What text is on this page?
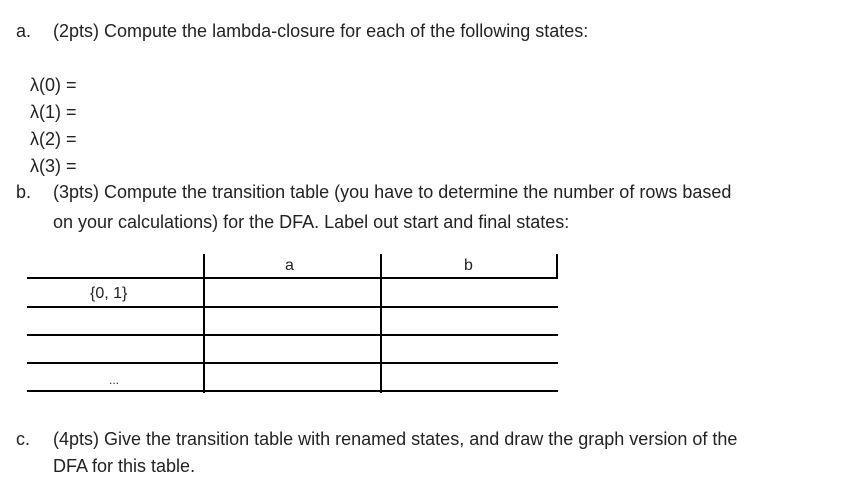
a. (2pts) Compute the lambda-closure for each of the following states:
λ(0) =
λ(1) =
λ(2) =
λ(3) =
b. (3pts) Compute the transition table (you have to determine the number of rows based
on your calculations) for the DFA. Label out start and final states:
a	b
{0, 1}
...
c. (4pts) Give the transition table with renamed states, and draw the graph version of the
DFA for this table.
